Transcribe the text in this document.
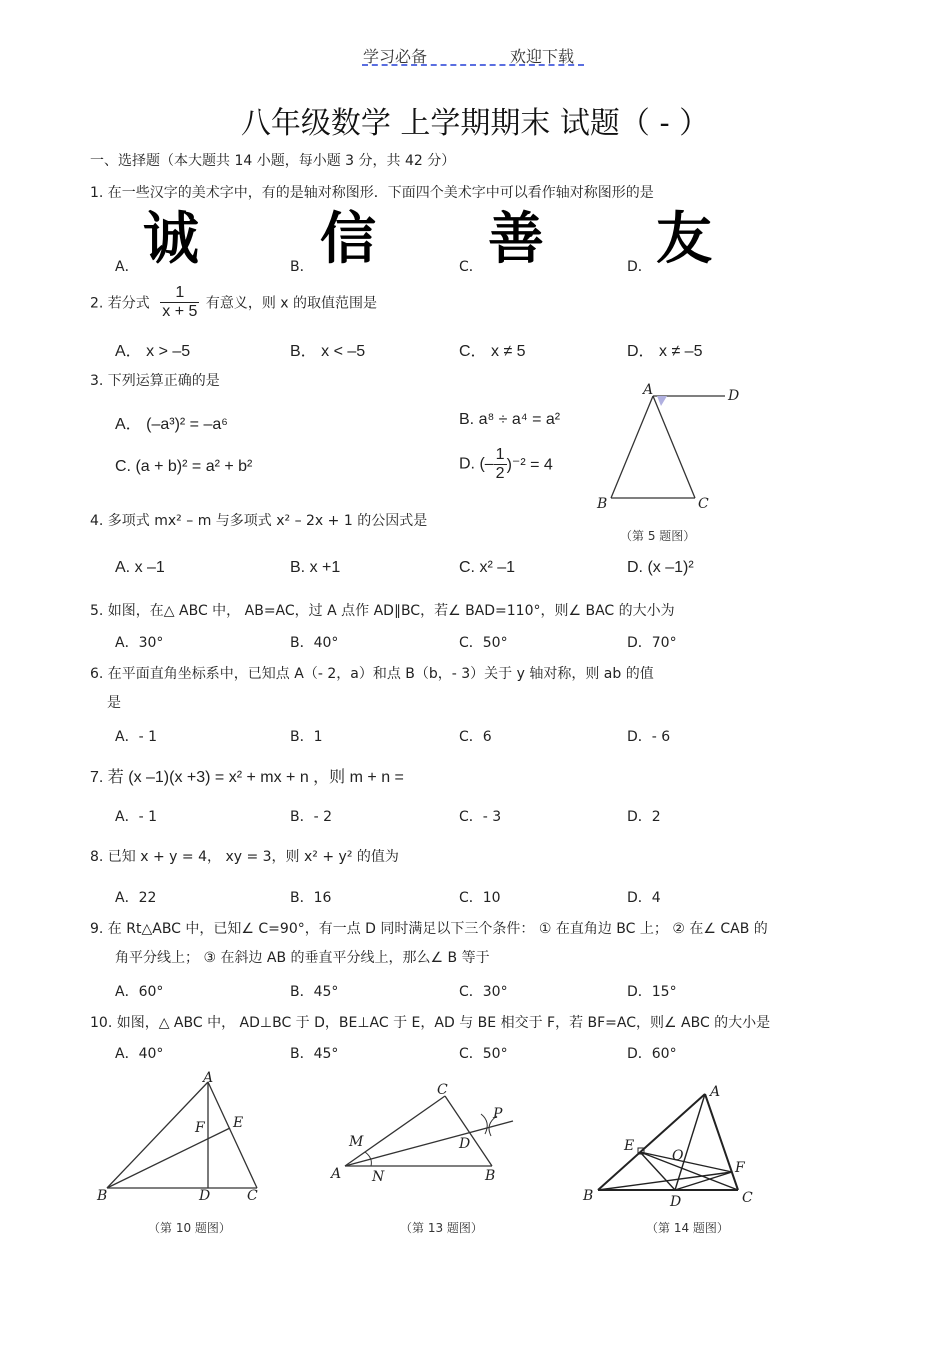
学习必备	欢迎下载
八年级数学 上学期期末 试题（ - ）
一、选择题（本大题共 14 小题，每小题 3 分，共 42 分）
1. 在一些汉字的美术字中，有的是轴对称图形．下面四个美术字中可以看作轴对称图形的是
A． 诚	B． 信	C． 善	D． 友
2. 若分式 $\frac{1}{x + 5}$ 有意义，则 x 的取值范围是
A． x > –5	B． x < –5	C． x ≠ 5	D． x ≠ –5
3. 下列运算正确的是
A． (–a³)² = –a⁶	B. a⁸ ÷ a⁴ = a²
C. (a + b)² = a² + b²	D. (– $\frac{1}{2} )^{-2} = 4$
A	D
B	C
（第 5 题图）
4. 多项式 mx² – m 与多项式 x² – 2x + 1 的公因式是
A. x –1	B. x +1	C. x² –1	D. (x –1)²
5. 如图，在△ ABC 中， AB=AC，过 A 点作 AD∥BC，若∠ BAD=110°，则∠ BAC 的大小为
A．30°	B．40°	C．50°	D．70°
6. 在平面直角坐标系中，已知点 A（- 2，a）和点 B（b，- 3）关于 y 轴对称，则 ab 的值
是
A．- 1	B．1	C．6	D．- 6
7. 若 (x –1)(x +3) = x² + mx + n ，则 m + n =
A．- 1	B．- 2	C．- 3	D．2
8. 已知 x + y = 4， xy = 3，则 x² + y² 的值为
A．22	B．16	C．10	D．4
9. 在 Rt△ABC 中，已知∠ C=90°，有一点 D 同时满足以下三个条件： ① 在直角边 BC 上； ② 在∠ CAB 的
角平分线上； ③ 在斜边 AB 的垂直平分线上，那么∠ B 等于
A．60°	B．45°	C．30°	D．15°
10. 如图，△ ABC 中， AD⊥BC 于 D，BE⊥AC 于 E，AD 与 BE 相交于 F，若 BF=AC，则∠ ABC 的大小是
A．40°	B．45°	C．50°	D．60°
A
F E
B	D	C
（第 10 题图）
C
P
M	D
A N	B
（第 13 题图）
A
E
O
F
B	D	C
（第 14 题图）
